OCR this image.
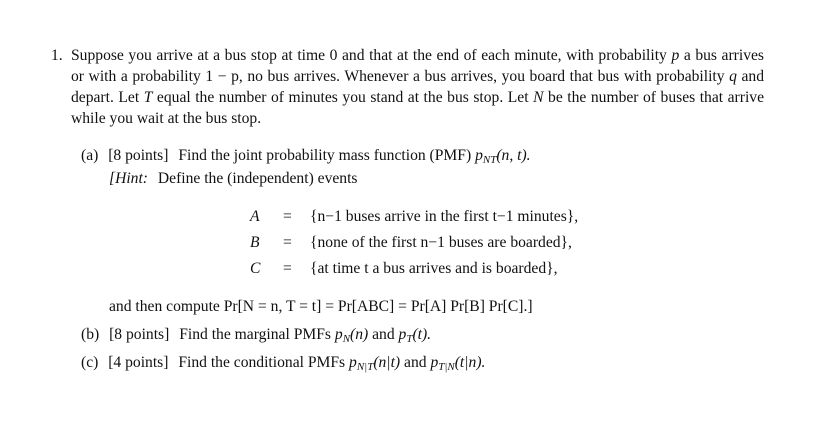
1. Suppose you arrive at a bus stop at time 0 and that at the end of each minute, with probability p a bus arrives or with a probability 1 − p, no bus arrives. Whenever a bus arrives, you board that bus with probability q and depart. Let T equal the number of minutes you stand at the bus stop. Let N be the number of buses that arrive while you wait at the bus stop.
(a) [8 points] Find the joint probability mass function (PMF) $p_{NT}(n$, t).
[Hint: Define the (independent) events
A = {n−1 buses arrive in the first t−1 minutes},
B = {none of the first n−1 buses are boarded},
C = {at time t a bus arrives and is boarded},
and then compute Pr[N = n, T = t] = Pr[ABC] = Pr[A] Pr[B] Pr[C].]
(b) [8 points] Find the marginal PMFs $p_N(n)$ and $p_T(t)$.
(c) [4 points] Find the conditional PMFs $p_{N|T}(n|t)$ and $p_{T|N}(t|n)$.
